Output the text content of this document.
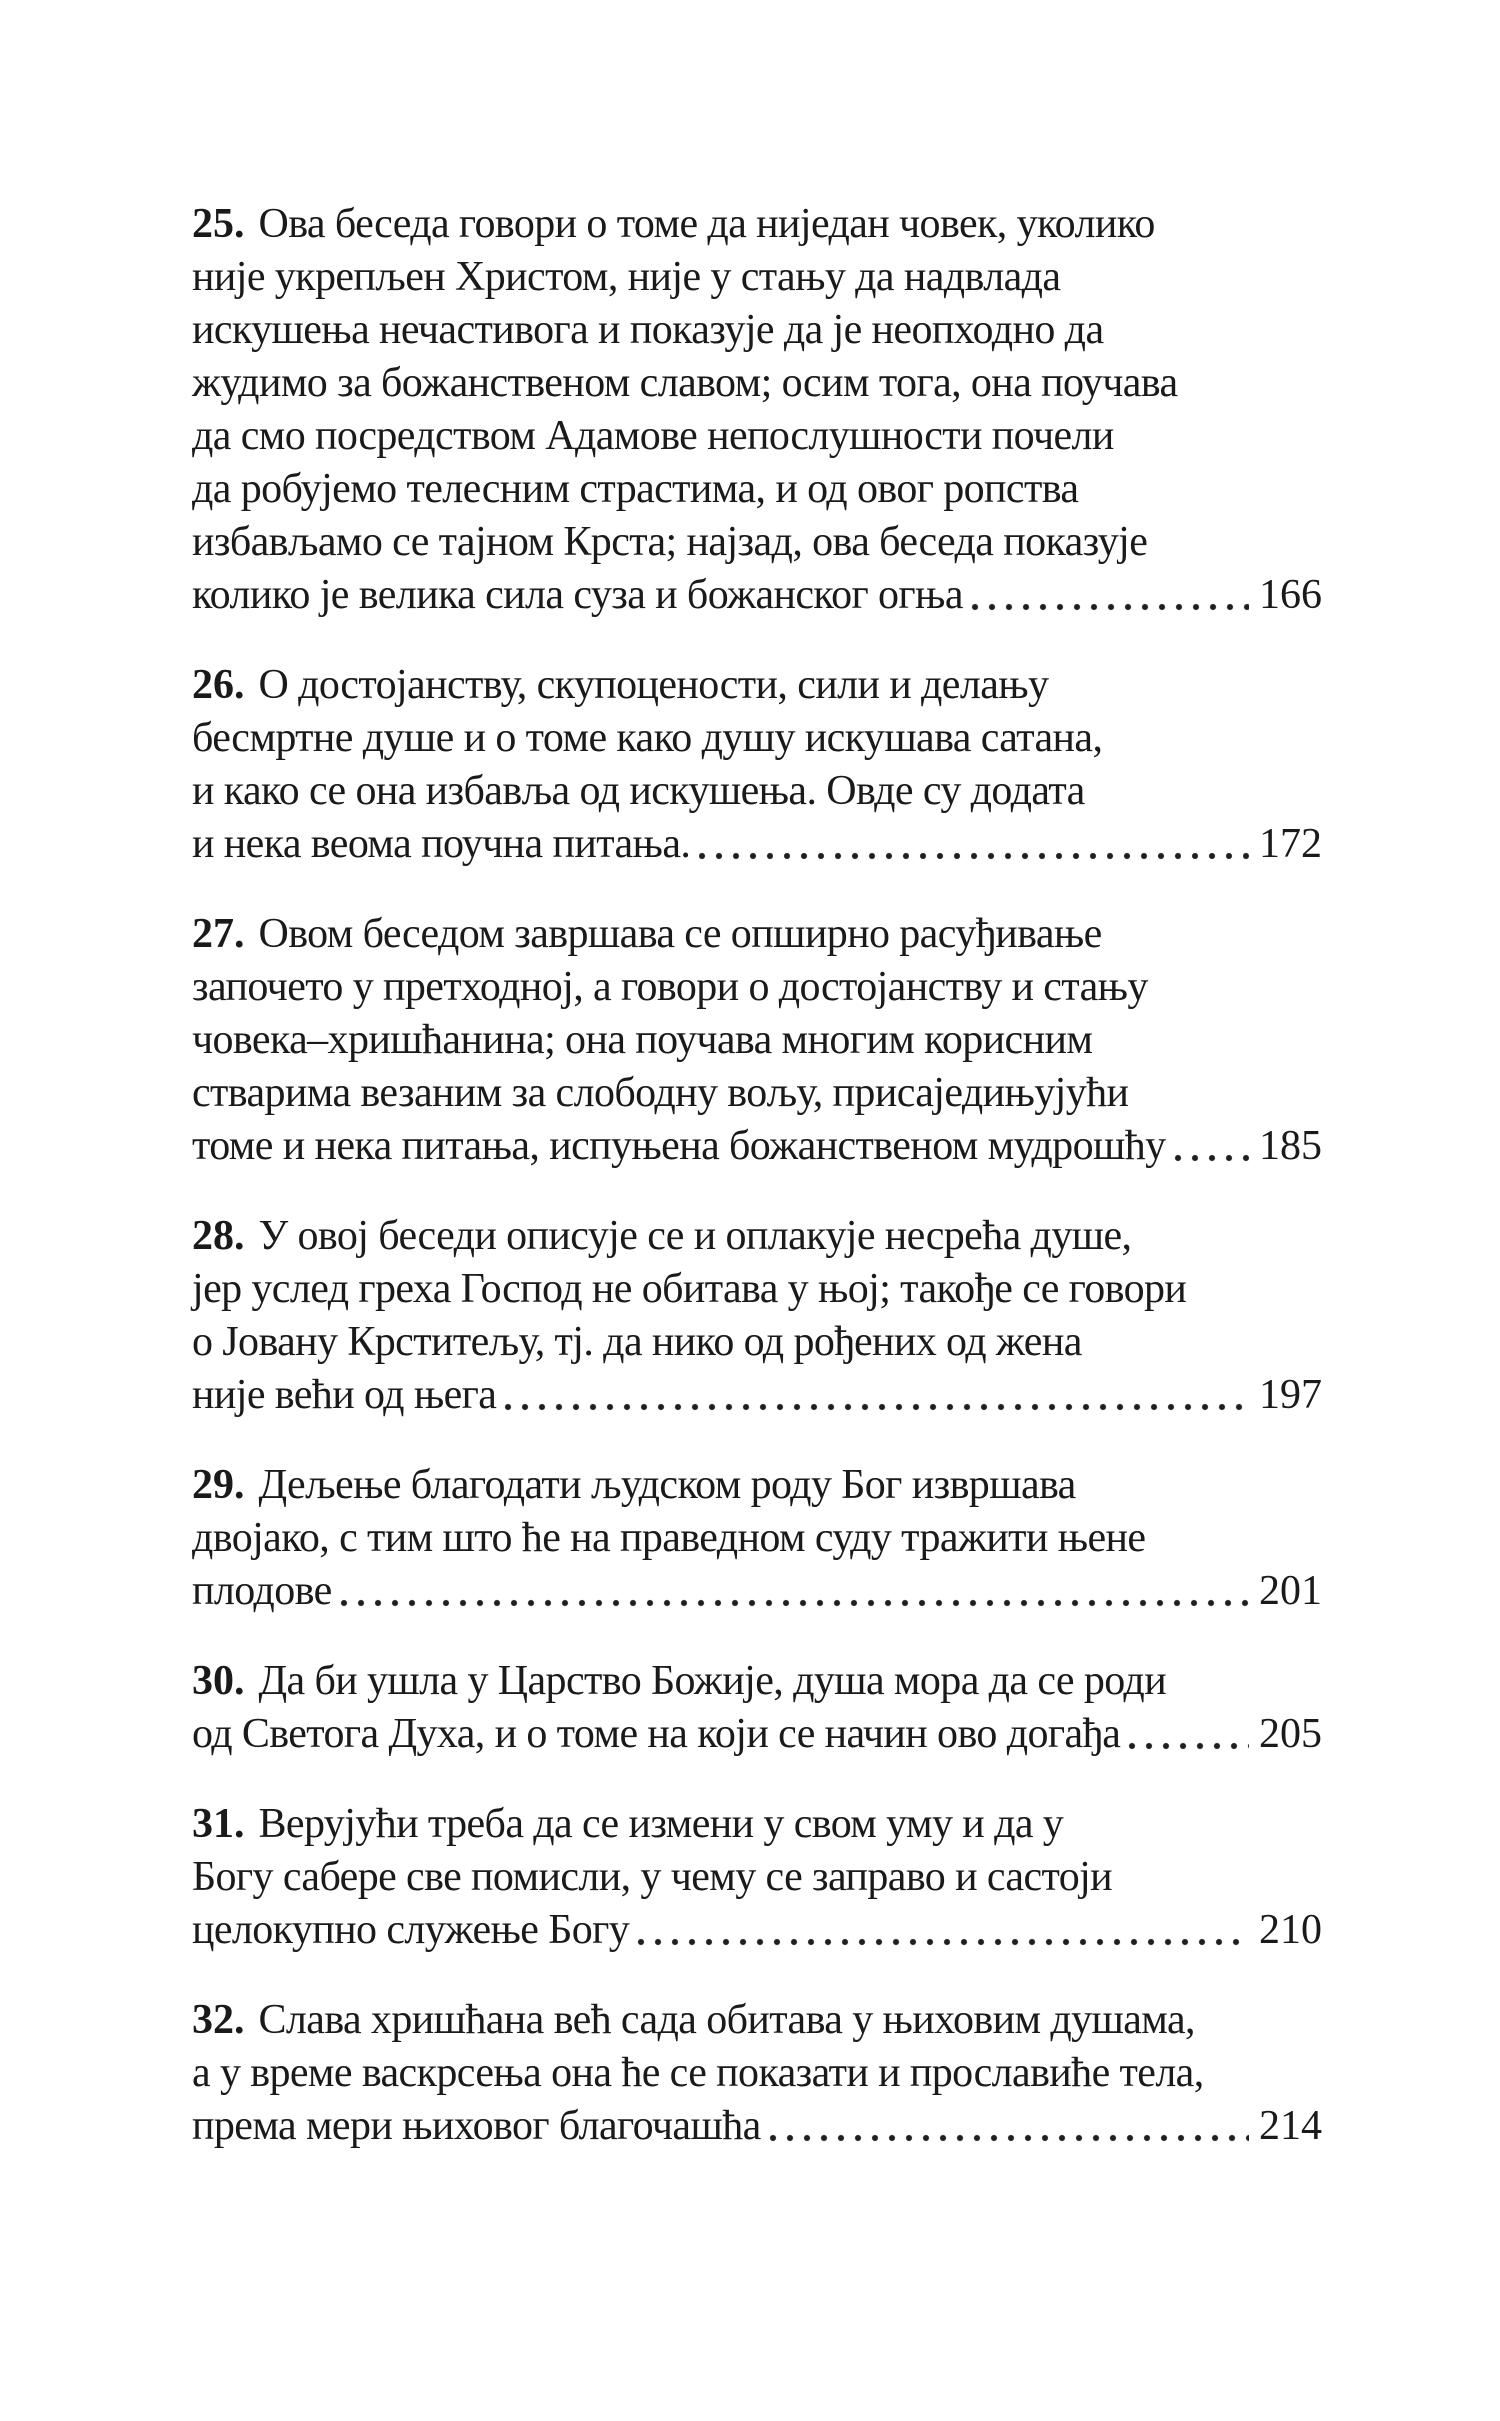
25. Ова беседа говори о томе да ниједан човек, уколико
није укрепљен Христом, није у стању да надвлада
искушења нечастивога и показује да је неопходно да
жудимо за божанственом славом; осим тога, она поучава
да смо посредством Адамове непослушности почели
да робујемо телесним страстима, и од овог ропства
избављамо се тајном Крста; најзад, ова беседа показује
колико је велика сила суза и божанског огња	166
26. О достојанству, скупоцености, сили и делању
бесмртне душе и о томе како душу искушава сатана,
и како се она избавља од искушења. Овде су додата
и нека веома поучна питања.	172
27. Овом беседом завршава се опширно расуђивање
започето у претходној, а говори о достојанству и стању
човека–хришћанина; она поучава многим корисним
стварима везаним за слободну вољу, присаједињујући
томе и нека питања, испуњена божанственом мудрошћу 185
28. У овој беседи описује се и оплакује несрећа душе,
јер услед греха Господ не обитава у њој; такође се говори
о Јовану Крститељу, тј. да нико од рођених од жена
није већи од њега	197
29. Дељење благодати људском роду Бог извршава
двојако, с тим што ће на праведном суду тражити њене
плодове	201
30. Да би ушла у Царство Божије, душа мора да се роди
од Светога Духа, и о томе на који се начин ово догађа	205
31. Верујући треба да се измени у свом уму и да у
Богу сабере све помисли, у чему се заправо и састоји
целокупно служење Богу	210
32. Слава хришћана већ сада обитава у њиховим душама,
а у време васкрсења она ће се показати и прославиће тела,
према мери њиховог благочашћа	214
